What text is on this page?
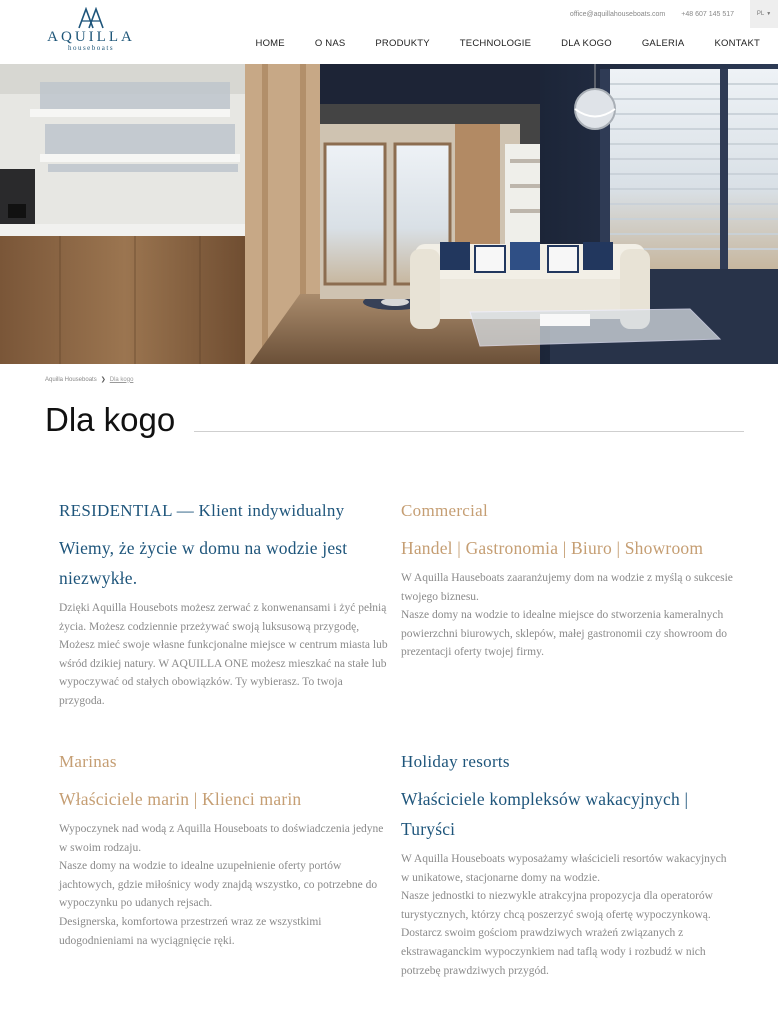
AQUILLA
houseboats
office@aquillahouseboats.com +48 607 145 517	PL ▼
HOME	O NAS	PRODUKTY	TECHNOLOGIE	DLA KOGO	GALERIA	KONTAKT
Aquilla Houseboats ❯ Dla kogo
Dla kogo
RESIDENTIAL — Klient indywidualny
Wiemy, że życie w domu na wodzie jest niezwykłe.

Dzięki Aquilla Housebots możesz zerwać z konwenansami i żyć pełnią życia. Możesz codziennie przeżywać swoją luksusową przygodę, Możesz mieć swoje własne funkcjonalne miejsce w centrum miasta lub wśród dzikiej natury. W AQUILLA ONE możesz mieszkać na stałe lub wypoczywać od stałych obowiązków. Ty wybierasz. To twoja przygoda.

Commercial
Handel | Gastronomia | Biuro | Showroom

W Aquilla Hauseboats zaaranżujemy dom na wodzie z myślą o sukcesie twojego biznesu.
Nasze domy na wodzie to idealne miejsce do stworzenia kameralnych powierzchni biurowych, sklepów, małej gastronomii czy showroom do prezentacji oferty twojej firmy.

Marinas
Właściciele marin | Klienci marin

Wypoczynek nad wodą z Aquilla Houseboats to doświadczenia jedyne w swoim rodzaju.
Nasze domy na wodzie to idealne uzupełnienie oferty portów jachtowych, gdzie miłośnicy wody znajdą wszystko, co potrzebne do wypoczynku po udanych rejsach.
Designerska, komfortowa przestrzeń wraz ze wszystkimi udogodnieniami na wyciągnięcie ręki.

Holiday resorts
Właściciele kompleksów wakacyjnych | Turyści

W Aquilla Houseboats wyposażamy właścicieli resortów wakacyjnych w unikatowe, stacjonarne domy na wodzie.
Nasze jednostki to niezwykle atrakcyjna propozycja dla operatorów turystycznych, którzy chcą poszerzyć swoją ofertę wypoczynkową.
Dostarcz swoim gościom prawdziwych wrażeń związanych z ekstrawaganckim wypoczynkiem nad taflą wody i rozbudź w nich potrzebę prawdziwych przygód.
